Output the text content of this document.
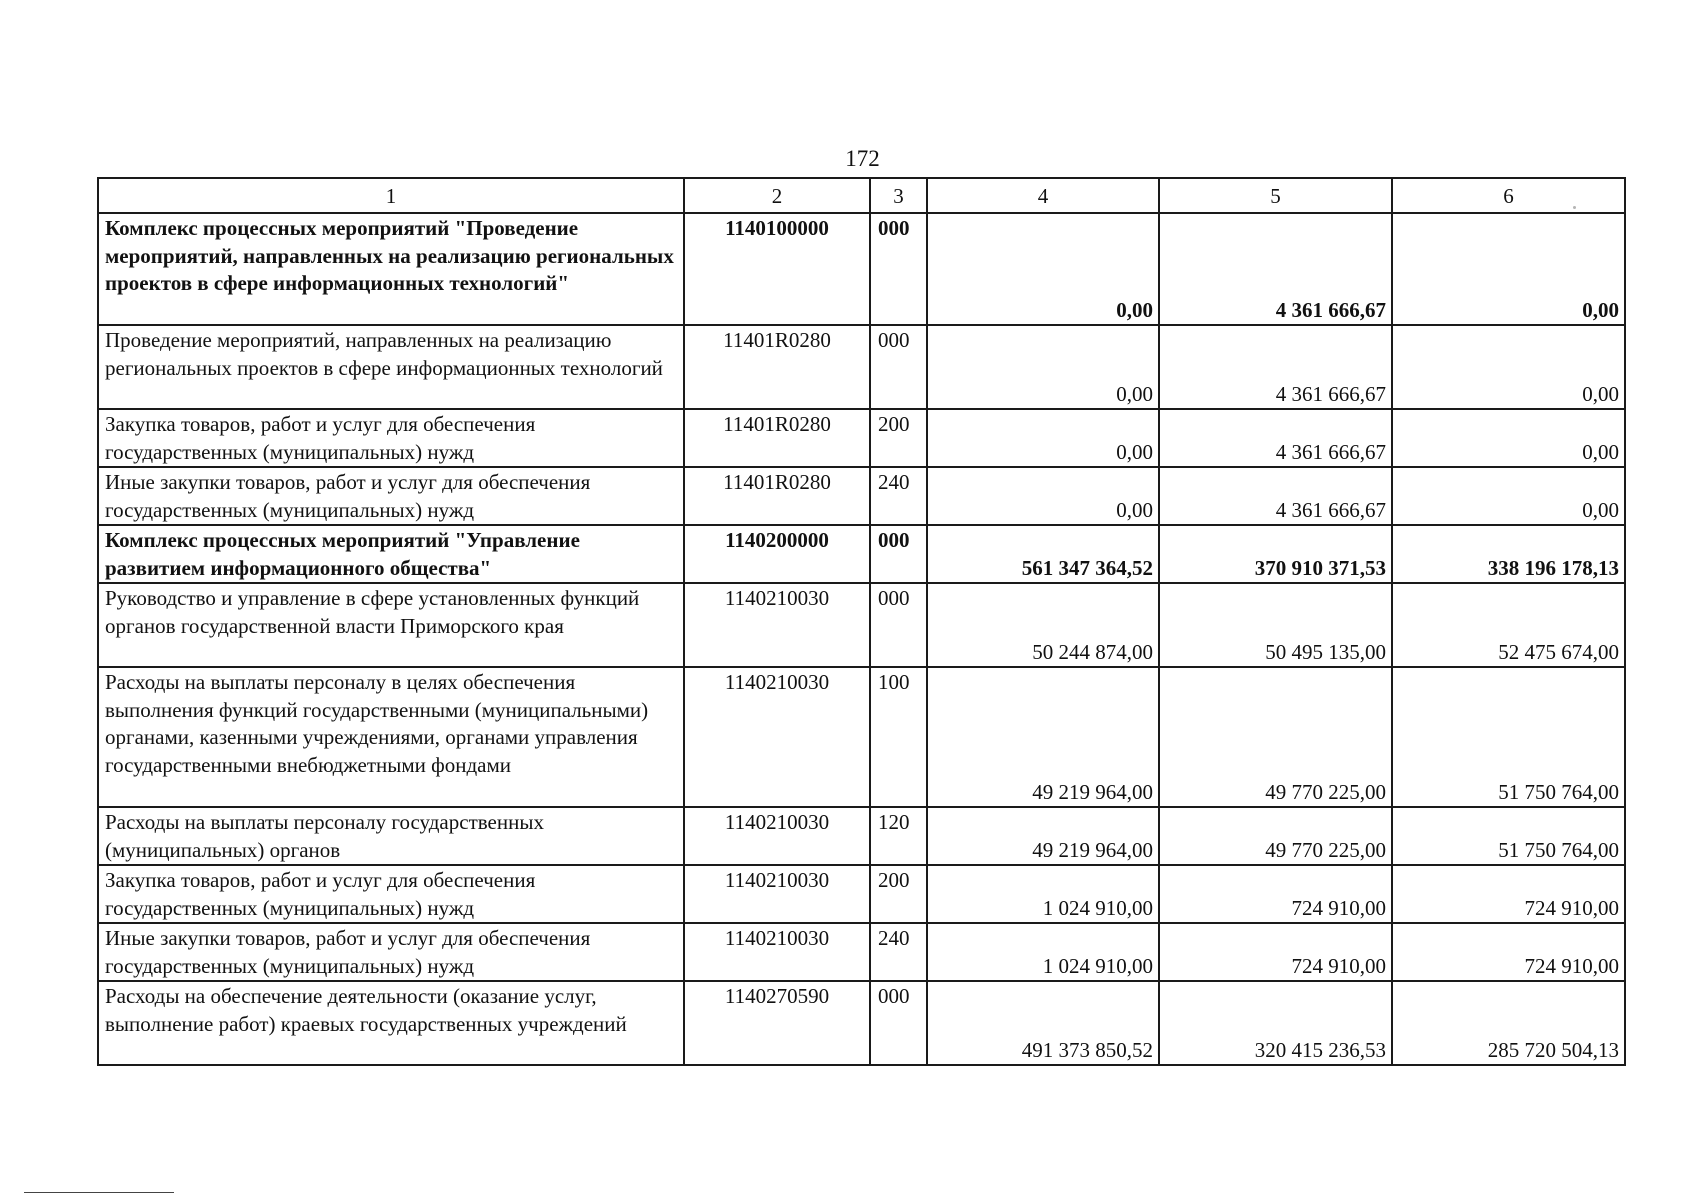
172
1	2	3	4	5	6
Комплекс процессных мероприятий "Проведение мероприятий, направленных на реализацию региональных проектов в сфере информационных технологий"	1140100000	000	0,00	4 361 666,67	0,00
Проведение мероприятий, направленных на реализацию региональных проектов в сфере информационных технологий	11401R0280	000	0,00	4 361 666,67	0,00
Закупка товаров, работ и услуг для обеспечения государственных (муниципальных) нужд	11401R0280	200	0,00	4 361 666,67	0,00
Иные закупки товаров, работ и услуг для обеспечения государственных (муниципальных) нужд	11401R0280	240	0,00	4 361 666,67	0,00
Комплекс процессных мероприятий "Управление развитием информационного общества"	1140200000	000	561 347 364,52	370 910 371,53	338 196 178,13
Руководство и управление в сфере установленных функций органов государственной власти Приморского края	1140210030	000	50 244 874,00	50 495 135,00	52 475 674,00
Расходы на выплаты персоналу в целях обеспечения выполнения функций государственными (муниципальными) органами, казенными учреждениями, органами управления государственными внебюджетными фондами	1140210030	100	49 219 964,00	49 770 225,00	51 750 764,00
Расходы на выплаты персоналу государственных (муниципальных) органов	1140210030	120	49 219 964,00	49 770 225,00	51 750 764,00
Закупка товаров, работ и услуг для обеспечения государственных (муниципальных) нужд	1140210030	200	1 024 910,00	724 910,00	724 910,00
Иные закупки товаров, работ и услуг для обеспечения государственных (муниципальных) нужд	1140210030	240	1 024 910,00	724 910,00	724 910,00
Расходы на обеспечение деятельности (оказание услуг, выполнение работ) краевых государственных учреждений	1140270590	000	491 373 850,52	320 415 236,53	285 720 504,13
